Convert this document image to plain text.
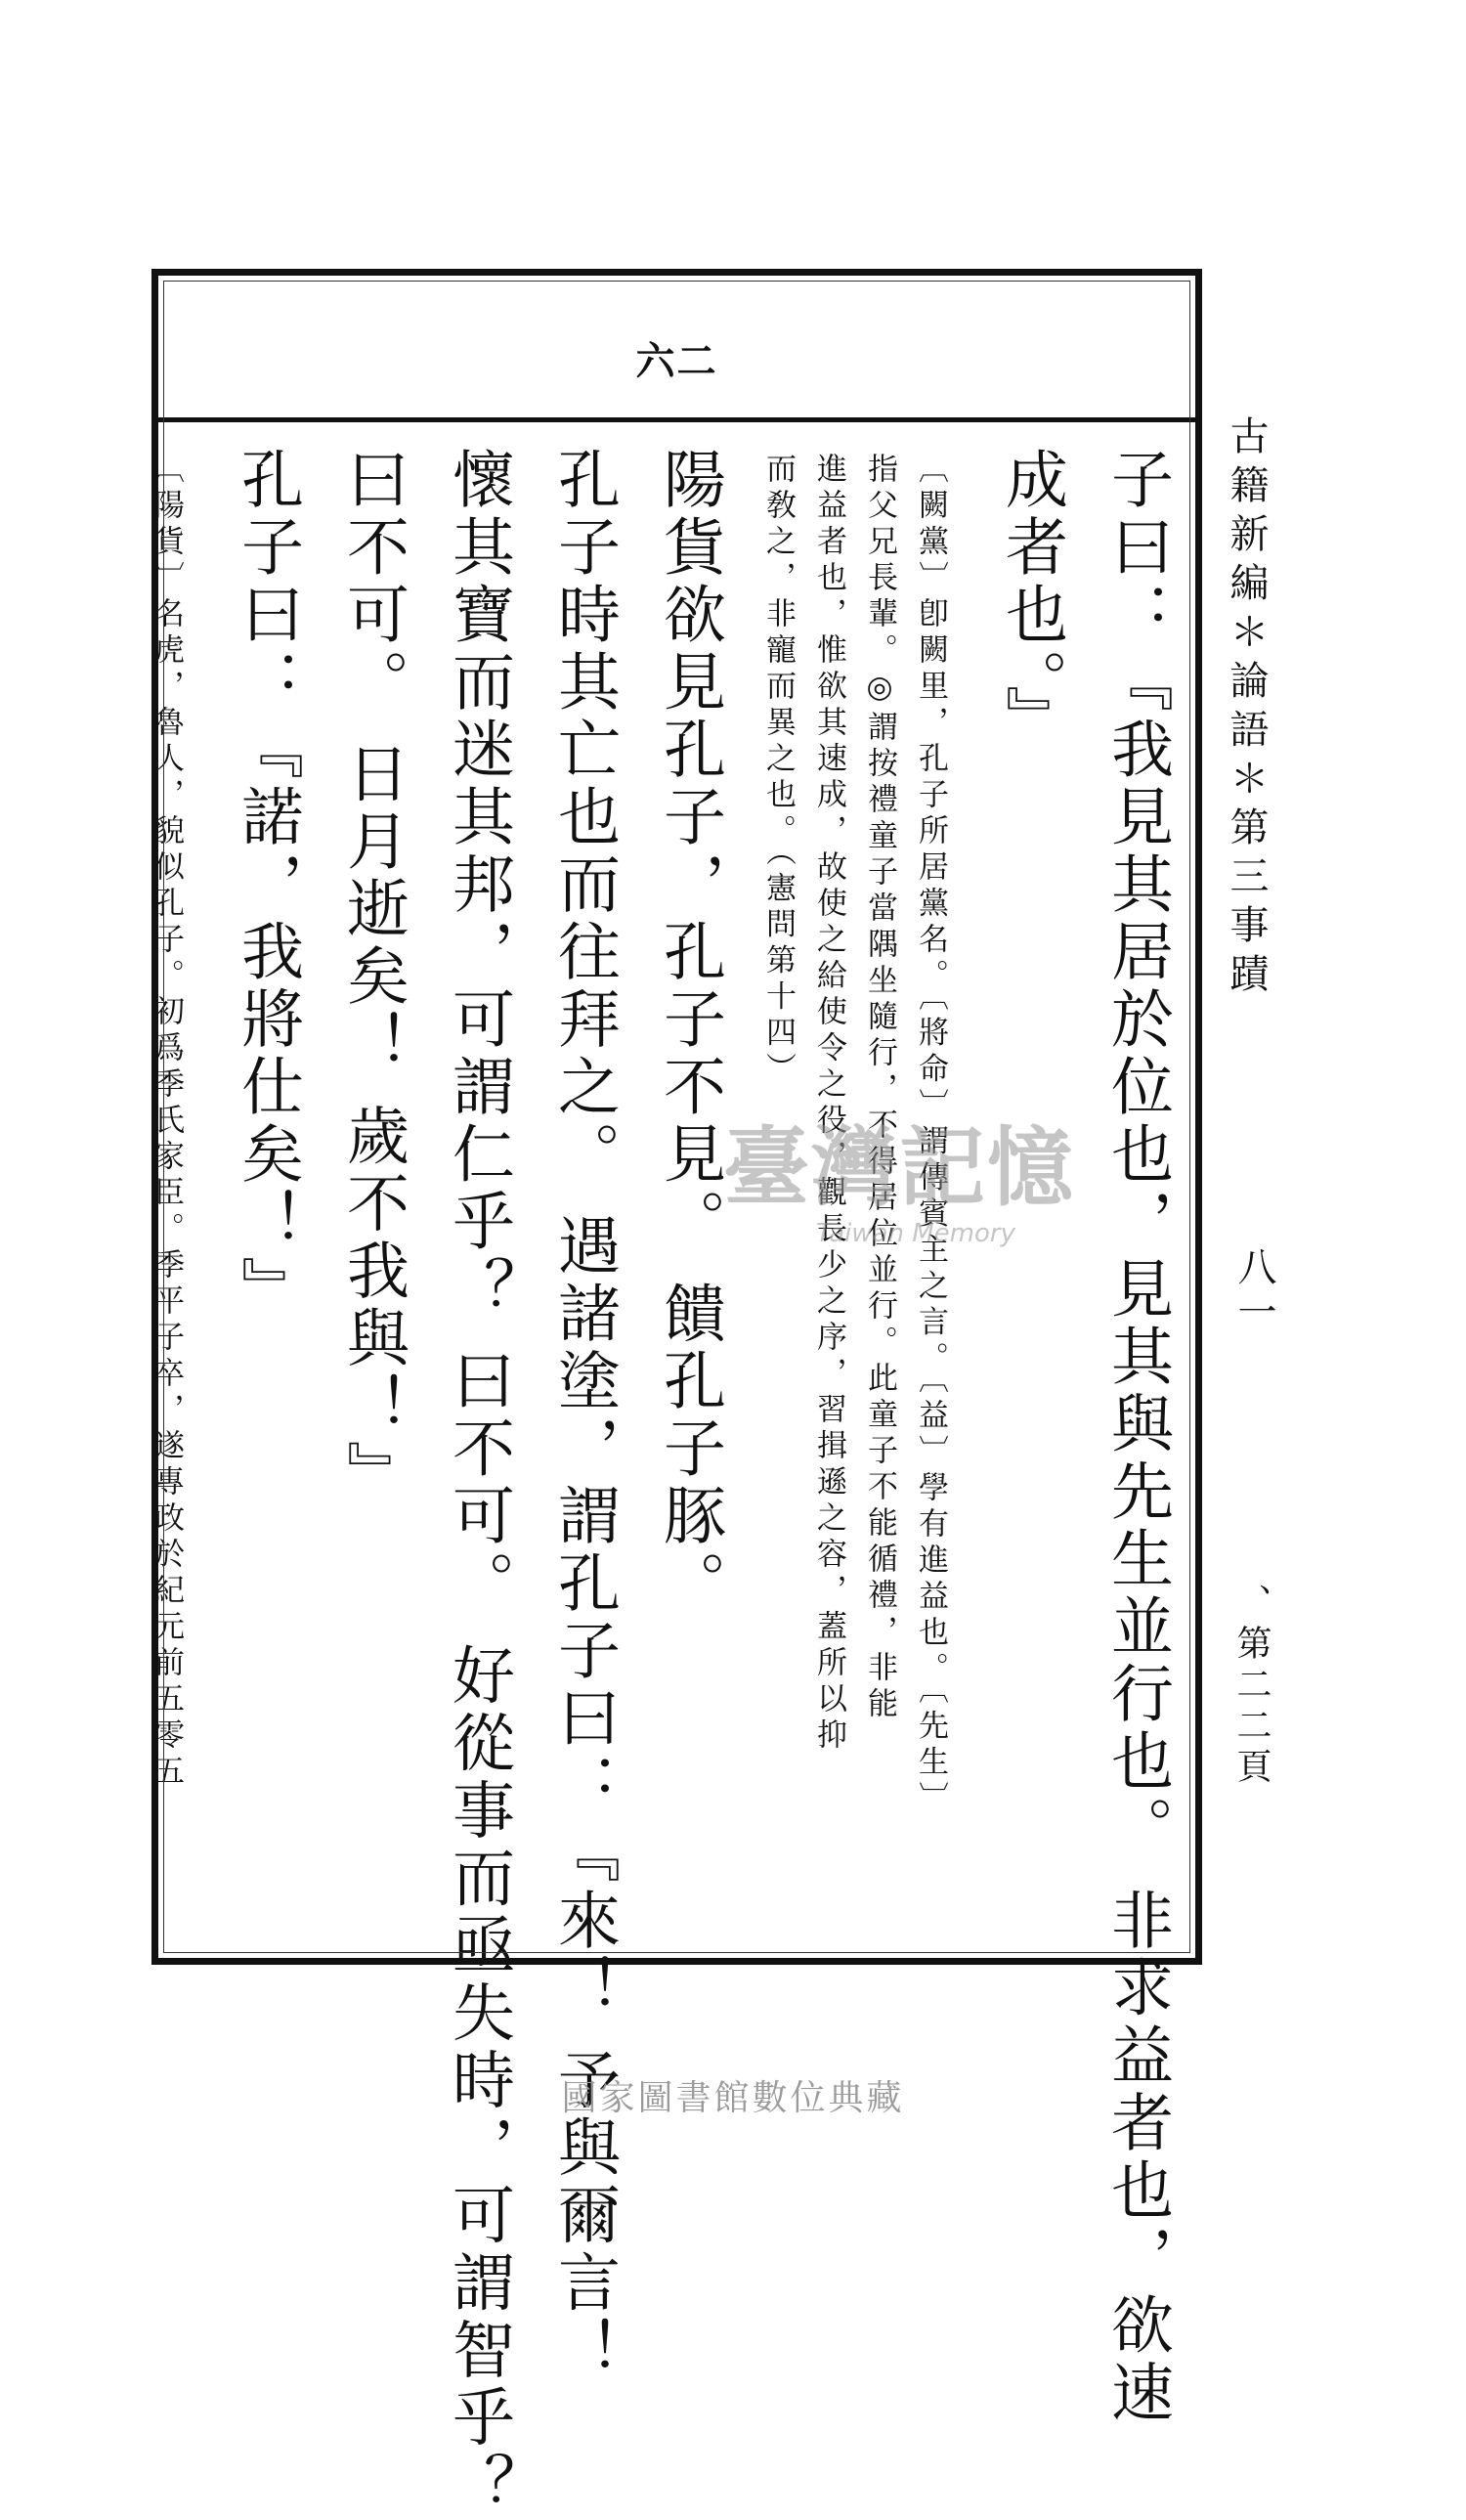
古籍新編＊論語＊第三事蹟
八一
、第二二頁
六二
子曰：『我見其居於位也，見其與先生並行也。 非求益者也，欲速
成者也。』
〔闕黨〕卽闕里，孔子所居黨名。〔將命〕謂傳賓主之言。〔益〕學有進益也。〔先生〕
指父兄長輩。◎謂按禮童子當隅坐隨行，不得居位並行。此童子不能循禮，非能
進益者也，惟欲其速成，故使之給使令之役，觀長少之序，習揖遜之容，蓋所以抑
而敎之，非寵而異之也。（憲問第十四）
陽貨欲見孔子，孔子不見。 饋孔子豚。
孔子時其亡也而往拜之。 遇諸塗，謂孔子曰：『來！ 予與爾言！
懷其寶而迷其邦，可謂仁乎？ 曰不可。 好從事而亟失時，可謂智乎？
曰不可。 日月逝矣！ 歲不我與！』
孔子曰：『諾，我將仕矣！』
〔陽貨〕名虎，魯人，貌似孔子。初爲季氏家臣。季平子卒，遂專政於紀元前五零五	臺灣記憶
Taiwan Memory
國家圖書館數位典藏
